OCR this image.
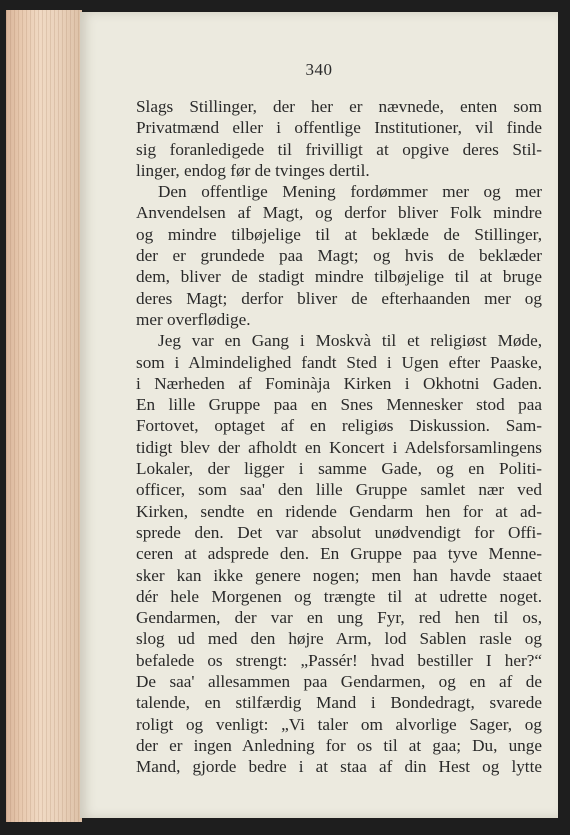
340
Slags Stillinger, der her er nævnede, enten som
Privatmænd eller i offentlige Institutioner, vil finde
sig foranledigede til frivilligt at opgive deres Stil-
linger, endog før de tvinges dertil.
Den offentlige Mening fordømmer mer og mer
Anvendelsen af Magt, og derfor bliver Folk mindre
og mindre tilbøjelige til at beklæde de Stillinger,
der er grundede paa Magt; og hvis de beklæder
dem, bliver de stadigt mindre tilbøjelige til at bruge
deres Magt; derfor bliver de efterhaanden mer og
mer overflødige.
Jeg var en Gang i Moskvà til et religiøst Møde,
som i Almindelighed fandt Sted i Ugen efter Paaske,
i Nærheden af Fominàja Kirken i Okhotni Gaden.
En lille Gruppe paa en Snes Mennesker stod paa
Fortovet, optaget af en religiøs Diskussion. Sam-
tidigt blev der afholdt en Koncert i Adelsforsamlingens
Lokaler, der ligger i samme Gade, og en Politi-
officer, som saa' den lille Gruppe samlet nær ved
Kirken, sendte en ridende Gendarm hen for at ad-
sprede den. Det var absolut unødvendigt for Offi-
ceren at adsprede den. En Gruppe paa tyve Menne-
sker kan ikke genere nogen; men han havde staaet
dér hele Morgenen og trængte til at udrette noget.
Gendarmen, der var en ung Fyr, red hen til os,
slog ud med den højre Arm, lod Sablen rasle og
befalede os strengt: „Passér! hvad bestiller I her?“
De saa' allesammen paa Gendarmen, og en af de
talende, en stilfærdig Mand i Bondedragt, svarede
roligt og venligt: „Vi taler om alvorlige Sager, og
der er ingen Anledning for os til at gaa; Du, unge
Mand, gjorde bedre i at staa af din Hest og lytte
